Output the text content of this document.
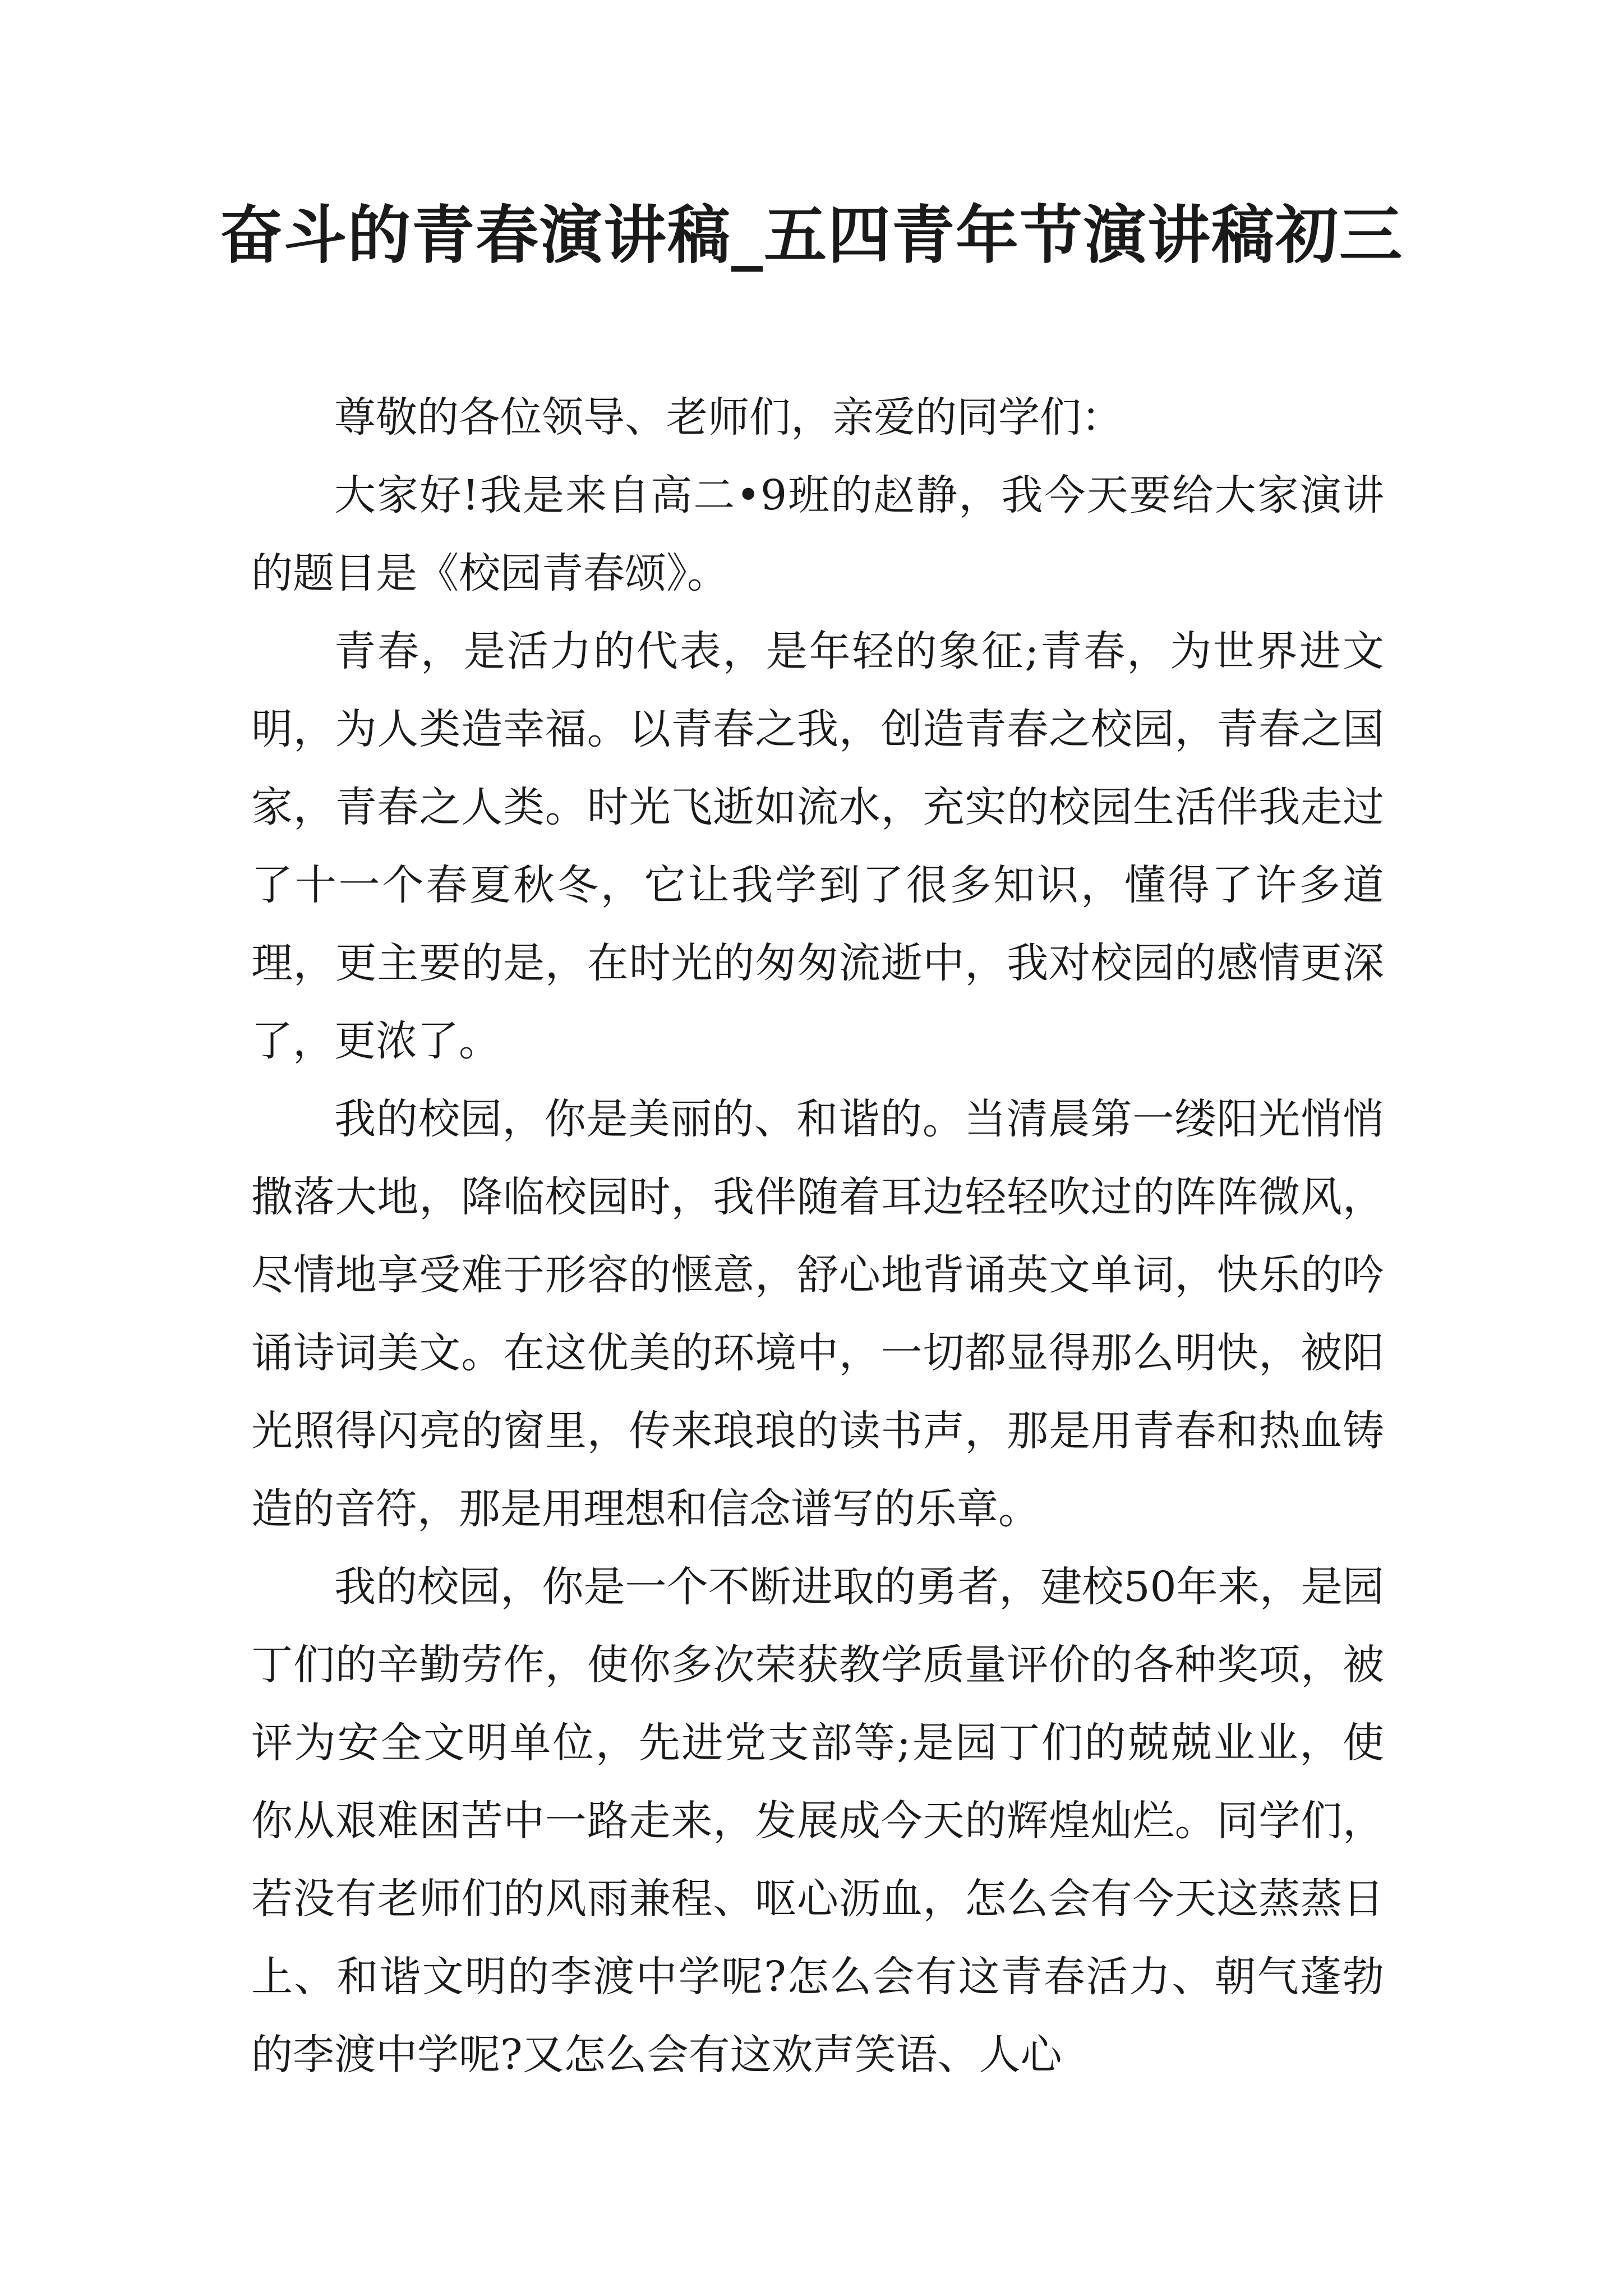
奋斗的青春演讲稿_五四青年节演讲稿初三

尊敬的各位领导、老师们，亲爱的同学们：

大家好!我是来自高二•9班的赵静，我今天要给大家演讲的题目是《校园青春颂》。

青春，是活力的代表，是年轻的象征;青春，为世界进文明，为人类造幸福。以青春之我，创造青春之校园，青春之国家，青春之人类。时光飞逝如流水，充实的校园生活伴我走过了十一个春夏秋冬，它让我学到了很多知识，懂得了许多道理，更主要的是，在时光的匆匆流逝中，我对校园的感情更深了，更浓了。

我的校园，你是美丽的、和谐的。当清晨第一缕阳光悄悄撒落大地，降临校园时，我伴随着耳边轻轻吹过的阵阵微风，尽情地享受难于形容的惬意，舒心地背诵英文单词，快乐的吟诵诗词美文。在这优美的环境中，一切都显得那么明快，被阳光照得闪亮的窗里，传来琅琅的读书声，那是用青春和热血铸造的音符，那是用理想和信念谱写的乐章。

我的校园，你是一个不断进取的勇者，建校50年来，是园丁们的辛勤劳作，使你多次荣获教学质量评价的各种奖项，被评为安全文明单位，先进党支部等;是园丁们的兢兢业业，使你从艰难困苦中一路走来，发展成今天的辉煌灿烂。同学们，若没有老师们的风雨兼程、呕心沥血，怎么会有今天这蒸蒸日上、和谐文明的李渡中学呢?怎么会有这青春活力、朝气蓬勃的李渡中学呢?又怎么会有这欢声笑语、人心
